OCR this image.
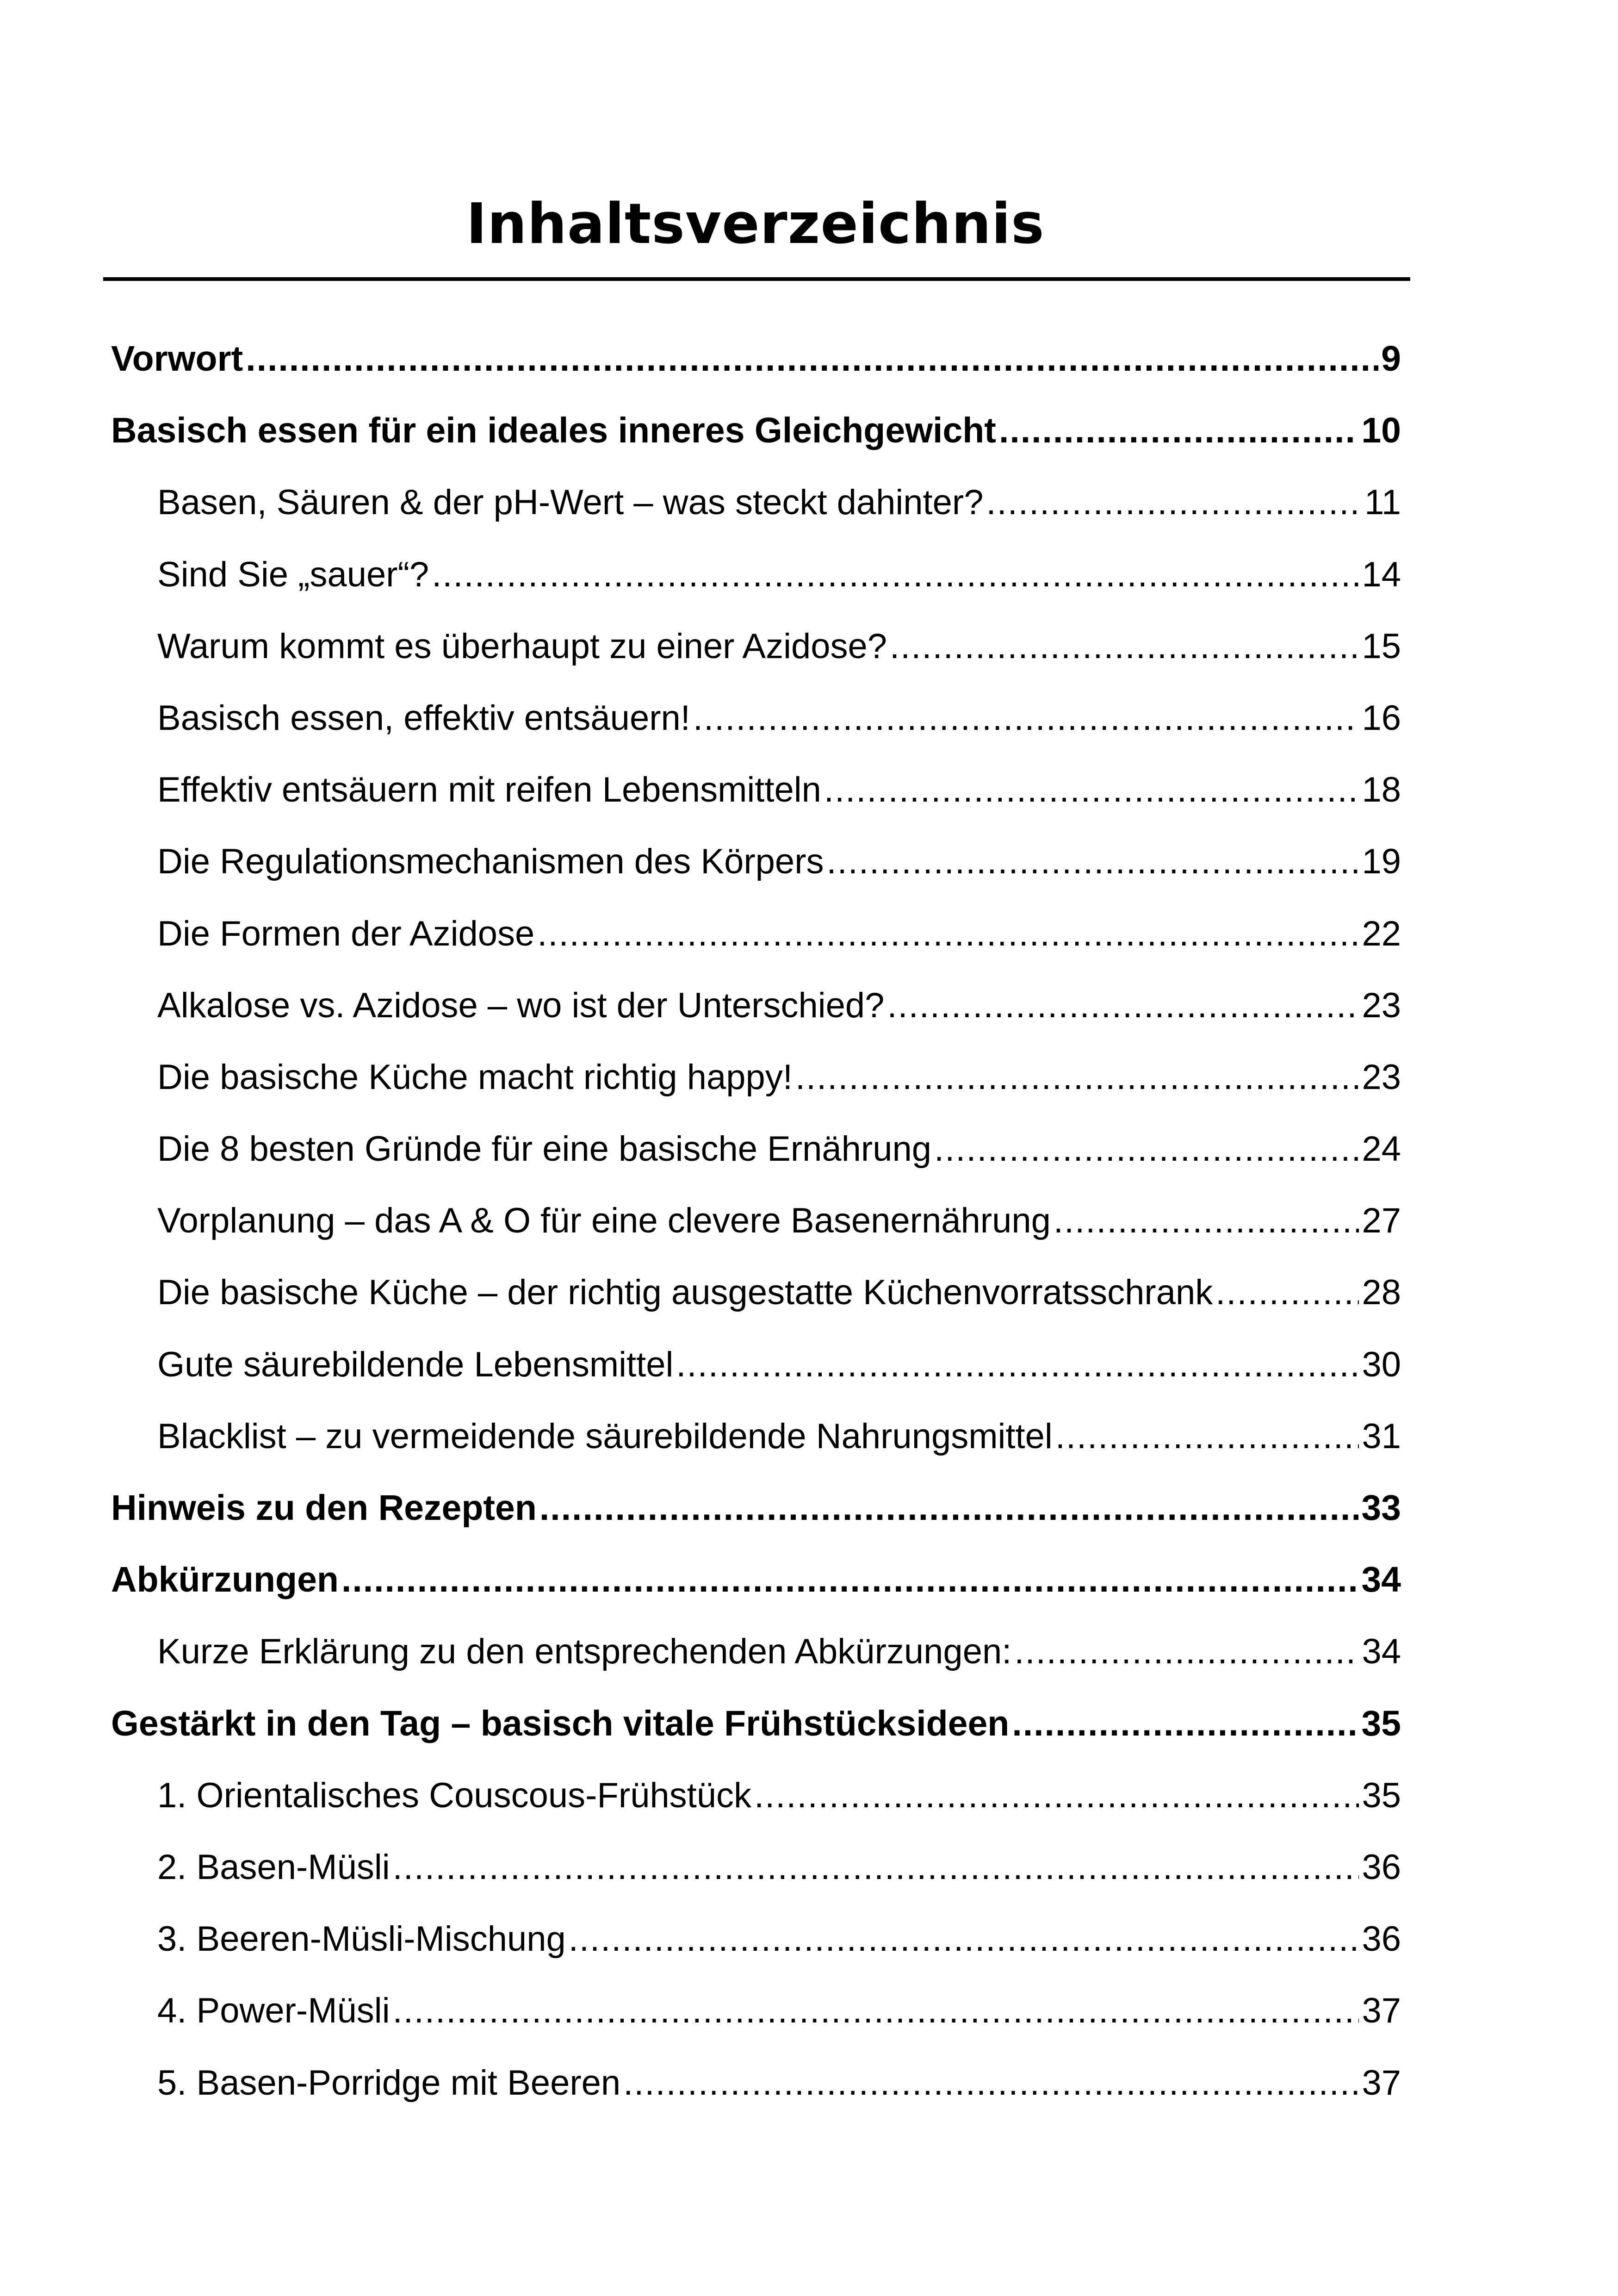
Inhaltsverzeichnis
Vorwort .....	9
Basisch essen für ein ideales inneres Gleichgewicht .....	10
Basen, Säuren & der pH-Wert – was steckt dahinter? .....	11
Sind Sie „sauer“? .....	14
Warum kommt es überhaupt zu einer Azidose? .....	15
Basisch essen, effektiv entsäuern! .....	16
Effektiv entsäuern mit reifen Lebensmitteln .....	18
Die Regulationsmechanismen des Körpers .....	19
Die Formen der Azidose .....	22
Alkalose vs. Azidose – wo ist der Unterschied? .....	23
Die basische Küche macht richtig happy! .....	23
Die 8 besten Gründe für eine basische Ernährung .....	24
Vorplanung – das A & O für eine clevere Basenernährung .....	27
Die basische Küche – der richtig ausgestatte Küchenvorratsschrank .....	28
Gute säurebildende Lebensmittel .....	30
Blacklist – zu vermeidende säurebildende Nahrungsmittel .....	31
Hinweis zu den Rezepten .....	33
Abkürzungen .....	34
Kurze Erklärung zu den entsprechenden Abkürzungen: .....	34
Gestärkt in den Tag – basisch vitale Frühstücksideen .....	35
1. Orientalisches Couscous-Frühstück .....	35
2. Basen-Müsli .....	36
3. Beeren-Müsli-Mischung .....	36
4. Power-Müsli .....	37
5. Basen-Porridge mit Beeren .....	37
